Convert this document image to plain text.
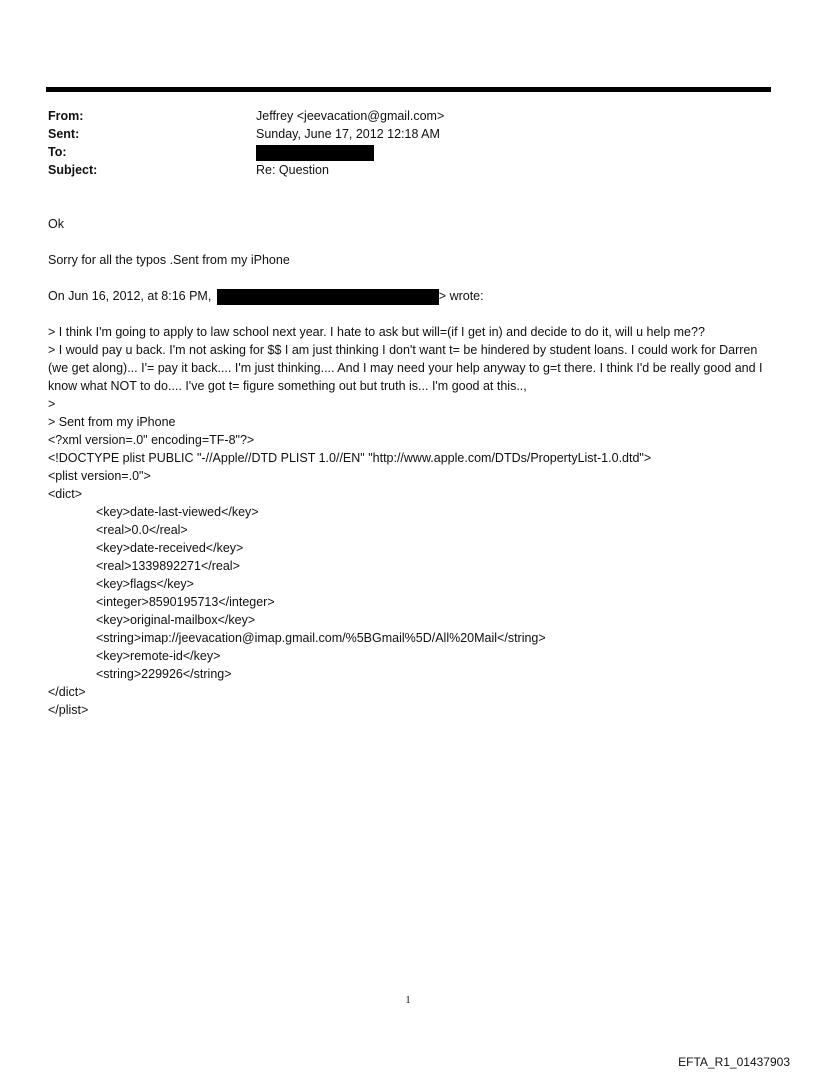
From:	Jeffrey <jeevacation@gmail.com>
Sent:	Sunday, June 17, 2012 12:18 AM
To:
Subject:	Re: Question

Ok

Sorry for all the typos .Sent from my iPhone

On Jun 16, 2012, at 8:16 PM,	> wrote:

> I think I'm going to apply to law school next year. I hate to ask but will=(if I get in) and decide to do it, will u help me??

> I would pay u back. I'm not asking for $$ I am just thinking I don't want t= be hindered by student loans. I could work for Darren (we get along)... I'= pay it back.... I'm just thinking.... And I may need your help anyway to g=t there. I think I'd be really good and I know what NOT to do.... I've got t= figure something out but truth is... I'm good at this..,

>

> Sent from my iPhone

<?xml version=.0" encoding=TF-8"?>

<!DOCTYPE plist PUBLIC "-//Apple//DTD PLIST 1.0//EN" "http://www.apple.com/DTDs/PropertyList-1.0.dtd">

<plist version=.0">

<dict>

<key>date-last-viewed</key>

<real>0.0</real>

<key>date-received</key>

<real>1339892271</real>

<key>flags</key>

<integer>8590195713</integer>

<key>original-mailbox</key>

<string>imap://jeevacation@imap.gmail.com/%5BGmail%5D/All%20Mail</string>

<key>remote-id</key>

<string>229926</string>

</dict>

</plist>

1
EFTA_R1_01437903
